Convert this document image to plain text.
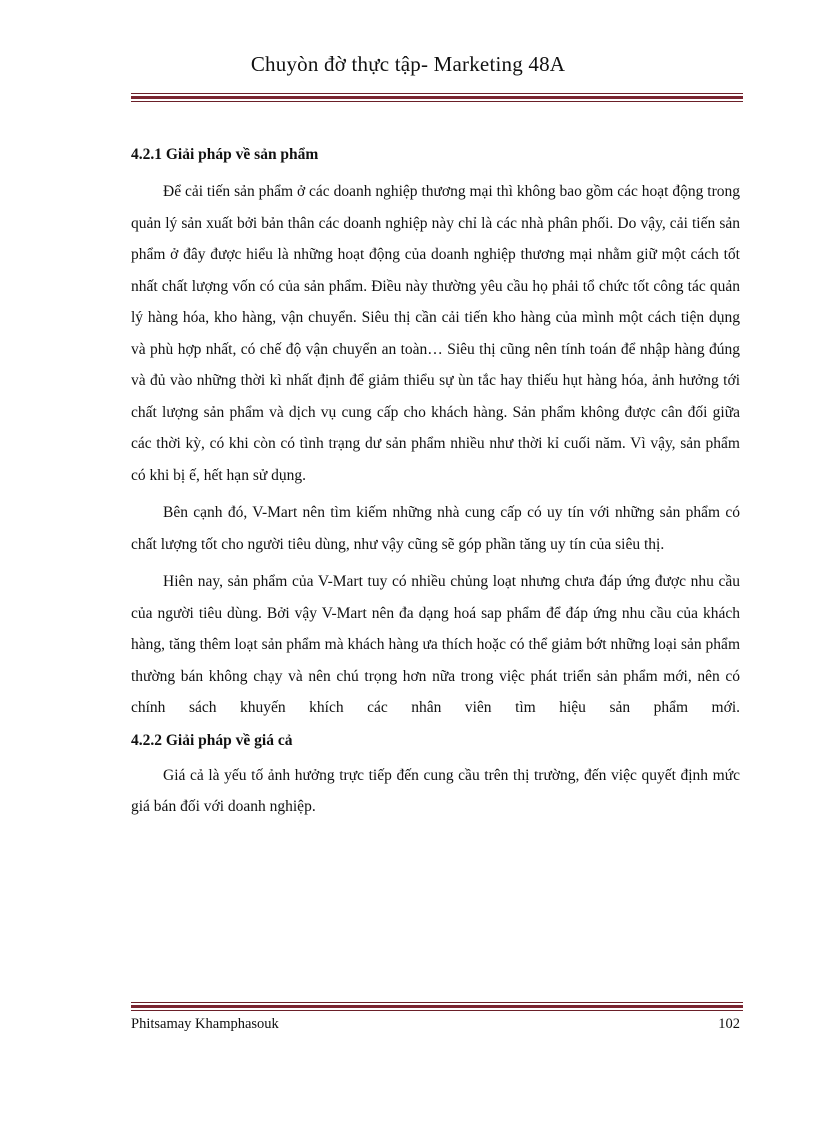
Chuyòn đờ thực tập- Marketing 48A

4.2.1 Giải pháp về sản phẩm

Để cải tiến sản phẩm ở các doanh nghiệp thương mại thì không bao gồm các hoạt động trong quản lý sản xuất bởi bản thân các doanh nghiệp này chỉ là các nhà phân phối. Do vậy, cải tiến sản phẩm ở đây được hiểu là những hoạt động của doanh nghiệp thương mại nhằm giữ một cách tốt nhất chất lượng vốn có của sản phẩm. Điều này thường yêu cầu họ phải tổ chức tốt công tác quản lý hàng hóa, kho hàng, vận chuyển. Siêu thị cần cải tiến kho hàng của mình một cách tiện dụng và phù hợp nhất, có chế độ vận chuyển an toàn… Siêu thị cũng nên tính toán để nhập hàng đúng và đủ vào những thời kì nhất định để giảm thiểu sự ùn tắc hay thiếu hụt hàng hóa, ảnh hưởng tới chất lượng sản phẩm và dịch vụ cung cấp cho khách hàng. Sản phẩm không được cân đối giữa các thời kỳ, có khi còn có tình trạng dư sản phẩm nhiều như thời kỉ cuối năm. Vì vậy, sản phẩm có khi bị ế, hết hạn sử dụng.

Bên cạnh đó, V-Mart nên tìm kiếm những nhà cung cấp có uy tín với những sản phẩm có chất lượng tốt cho người tiêu dùng, như vậy cũng sẽ góp phần tăng uy tín của siêu thị.

Hiên nay, sản phẩm của V-Mart tuy có nhiều chủng loạt nhưng chưa đáp ứng được nhu cầu của người tiêu dùng. Bởi vậy V-Mart nên đa dạng hoá sap phẩm để đáp ứng nhu cầu của khách hàng, tăng thêm loạt sản phẩm mà khách hàng ưa thích hoặc có thể giảm bớt những loại sản phẩm thường bán không chạy và nên chú trọng hơn nữa trong việc phát triển sản phẩm mới, nên có chính sách khuyến khích các nhân viên tìm hiệu sản phẩm mới.

4.2.2 Giải pháp về giá cả

Giá cả là yếu tố ảnh hưởng trực tiếp đến cung cầu trên thị trường, đến việc quyết định mức giá bán đối với doanh nghiệp.

Phitsamay Khamphasouk	102
